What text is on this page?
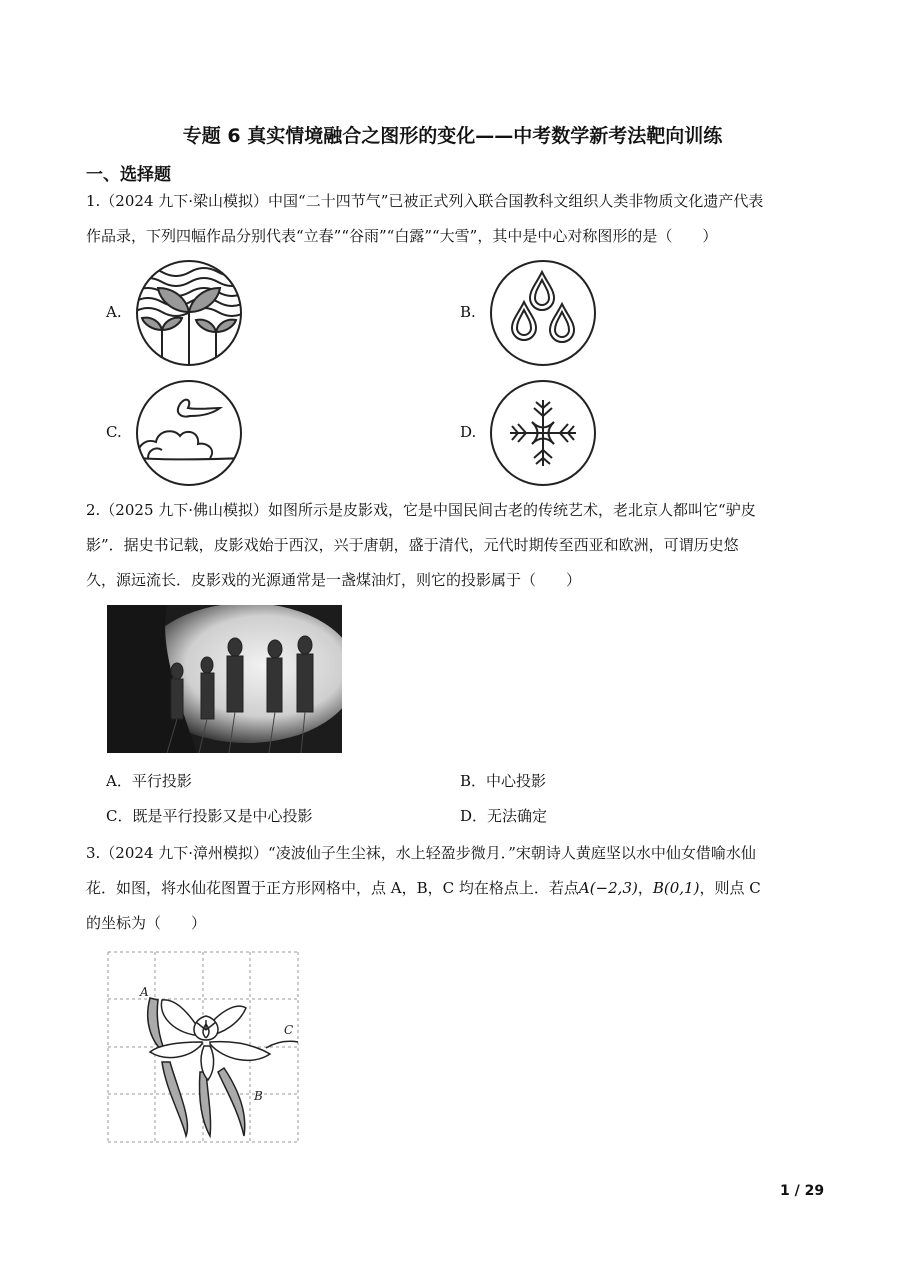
专题 6 真实情境融合之图形的变化——中考数学新考法靶向训练
一、选择题
1.（2024 九下·梁山模拟）中国“二十四节气”已被正式列入联合国教科文组织人类非物质文化遗产代表
作品录，下列四幅作品分别代表“立春”“谷雨”“白露”“大雪”，其中是中心对称图形的是（　　）
A.	B.
C.	D.
2.（2025 九下·佛山模拟）如图所示是皮影戏，它是中国民间古老的传统艺术，老北京人都叫它“驴皮
影”．据史书记载，皮影戏始于西汉，兴于唐朝，盛于清代，元代时期传至西亚和欧洲，可谓历史悠
久，源远流长．皮影戏的光源通常是一盏煤油灯，则它的投影属于（　　）
A．平行投影	B．中心投影
C．既是平行投影又是中心投影	D．无法确定
3.（2024 九下·漳州模拟）“凌波仙子生尘袜，水上轻盈步微月．”宋朝诗人黄庭坚以水中仙女借喻水仙
花．如图，将水仙花图置于正方形网格中，点 A，B，C 均在格点上．若点A(−2,3)，B(0,1)，则点 C
的坐标为（　　）
A
B
C
1 / 29
